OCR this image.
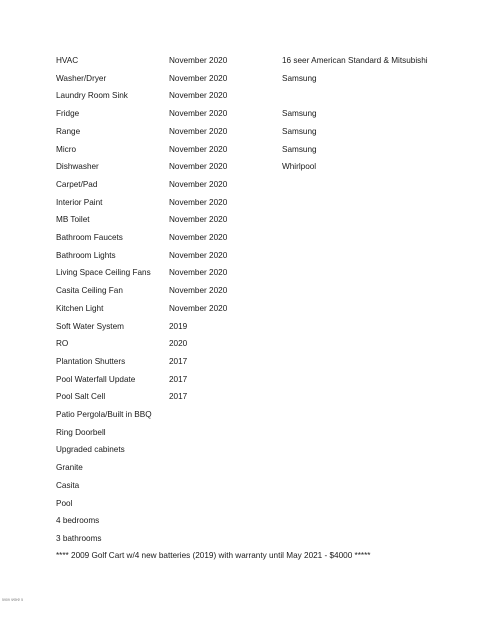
HVAC	November 2020	16 seer American Standard & Mitsubishi
Washer/Dryer	November 2020	Samsung
Laundry Room Sink	November 2020
Fridge	November 2020	Samsung
Range	November 2020	Samsung
Micro	November 2020	Samsung
Dishwasher	November 2020	Whirlpool
Carpet/Pad	November 2020
Interior Paint	November 2020
MB Toilet	November 2020
Bathroom Faucets	November 2020
Bathroom Lights	November 2020
Living Space Ceiling Fans November 2020
Casita Ceiling Fan	November 2020
Kitchen Light	November 2020
Soft Water System	2019
RO	2020
Plantation Shutters	2017
Pool Waterfall Update	2017
Pool Salt Cell	2017
Patio Pergola/Built in BBQ
Ring Doorbell
Upgraded cabinets
Granite
Casita
Pool
4 bedrooms
3 bathrooms
**** 2009 Golf Cart w/4 new batteries (2019) with warranty until May 2021 - $4000 *****
5909 ΨΘΙΦ 5
